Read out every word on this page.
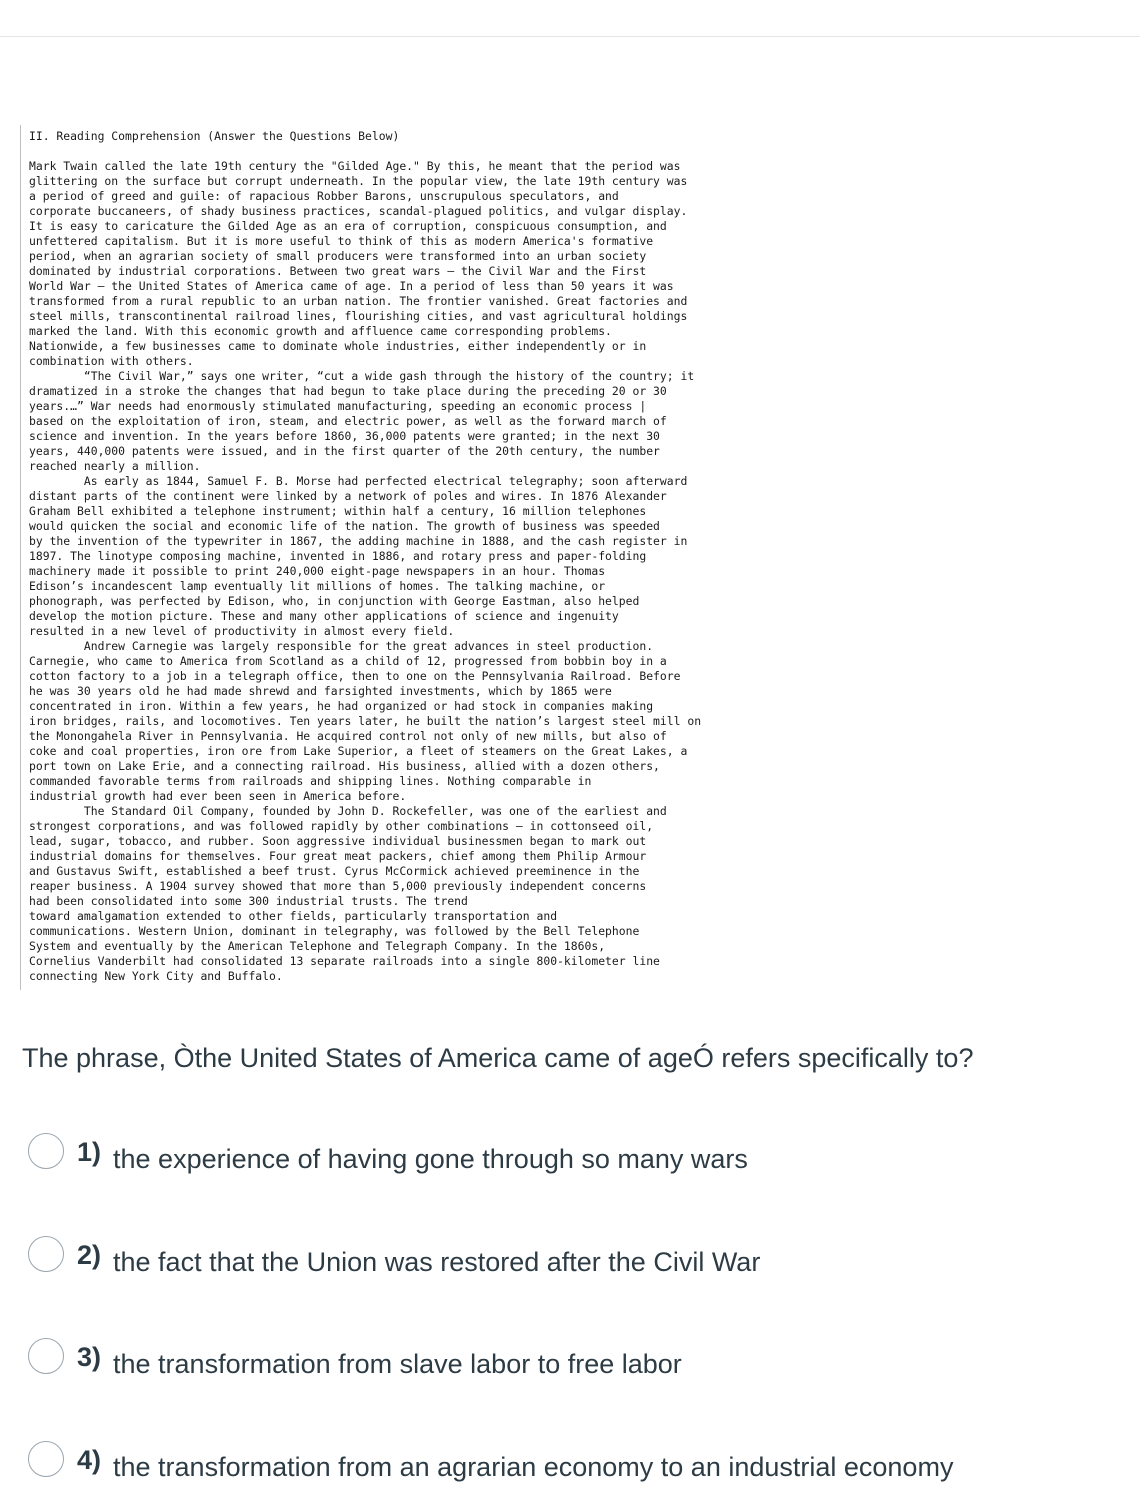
II. Reading Comprehension (Answer the Questions Below)

Mark Twain called the late 19th century the "Gilded Age." By this, he meant that the period was

glittering on the surface but corrupt underneath. In the popular view, the late 19th century was

a period of greed and guile: of rapacious Robber Barons, unscrupulous speculators, and

corporate buccaneers, of shady business practices, scandal-plagued politics, and vulgar display.

It is easy to caricature the Gilded Age as an era of corruption, conspicuous consumption, and

unfettered capitalism. But it is more useful to think of this as modern America's formative

period, when an agrarian society of small producers were transformed into an urban society

dominated by industrial corporations. Between two great wars – the Civil War and the First

World War – the United States of America came of age. In a period of less than 50 years it was

transformed from a rural republic to an urban nation. The frontier vanished. Great factories and

steel mills, transcontinental railroad lines, flourishing cities, and vast agricultural holdings

marked the land. With this economic growth and affluence came corresponding problems.

Nationwide, a few businesses came to dominate whole industries, either independently or in

combination with others.

“The Civil War,” says one writer, “cut a wide gash through the history of the country; it

dramatized in a stroke the changes that had begun to take place during the preceding 20 or 30

years.…” War needs had enormously stimulated manufacturing, speeding an economic process |

based on the exploitation of iron, steam, and electric power, as well as the forward march of

science and invention. In the years before 1860, 36,000 patents were granted; in the next 30

years, 440,000 patents were issued, and in the first quarter of the 20th century, the number

reached nearly a million.

As early as 1844, Samuel F. B. Morse had perfected electrical telegraphy; soon afterward

distant parts of the continent were linked by a network of poles and wires. In 1876 Alexander

Graham Bell exhibited a telephone instrument; within half a century, 16 million telephones

would quicken the social and economic life of the nation. The growth of business was speeded

by the invention of the typewriter in 1867, the adding machine in 1888, and the cash register in

1897. The linotype composing machine, invented in 1886, and rotary press and paper-folding

machinery made it possible to print 240,000 eight-page newspapers in an hour. Thomas

Edison’s incandescent lamp eventually lit millions of homes. The talking machine, or

phonograph, was perfected by Edison, who, in conjunction with George Eastman, also helped

develop the motion picture. These and many other applications of science and ingenuity

resulted in a new level of productivity in almost every field.

Andrew Carnegie was largely responsible for the great advances in steel production.

Carnegie, who came to America from Scotland as a child of 12, progressed from bobbin boy in a

cotton factory to a job in a telegraph office, then to one on the Pennsylvania Railroad. Before

he was 30 years old he had made shrewd and farsighted investments, which by 1865 were

concentrated in iron. Within a few years, he had organized or had stock in companies making

iron bridges, rails, and locomotives. Ten years later, he built the nation’s largest steel mill on

the Monongahela River in Pennsylvania. He acquired control not only of new mills, but also of

coke and coal properties, iron ore from Lake Superior, a fleet of steamers on the Great Lakes, a

port town on Lake Erie, and a connecting railroad. His business, allied with a dozen others,

commanded favorable terms from railroads and shipping lines. Nothing comparable in

industrial growth had ever been seen in America before.

The Standard Oil Company, founded by John D. Rockefeller, was one of the earliest and

strongest corporations, and was followed rapidly by other combinations – in cottonseed oil,

lead, sugar, tobacco, and rubber. Soon aggressive individual businessmen began to mark out

industrial domains for themselves. Four great meat packers, chief among them Philip Armour

and Gustavus Swift, established a beef trust. Cyrus McCormick achieved preeminence in the

reaper business. A 1904 survey showed that more than 5,000 previously independent concerns

had been consolidated into some 300 industrial trusts. The trend

toward amalgamation extended to other fields, particularly transportation and

communications. Western Union, dominant in telegraphy, was followed by the Bell Telephone

System and eventually by the American Telephone and Telegraph Company. In the 1860s,

Cornelius Vanderbilt had consolidated 13 separate railroads into a single 800-kilometer line

connecting New York City and Buffalo.

The phrase, Òthe United States of America came of ageÓ refers specifically to?

1) the experience of having gone through so many wars
2) the fact that the Union was restored after the Civil War
3) the transformation from slave labor to free labor
4) the transformation from an agrarian economy to an industrial economy
